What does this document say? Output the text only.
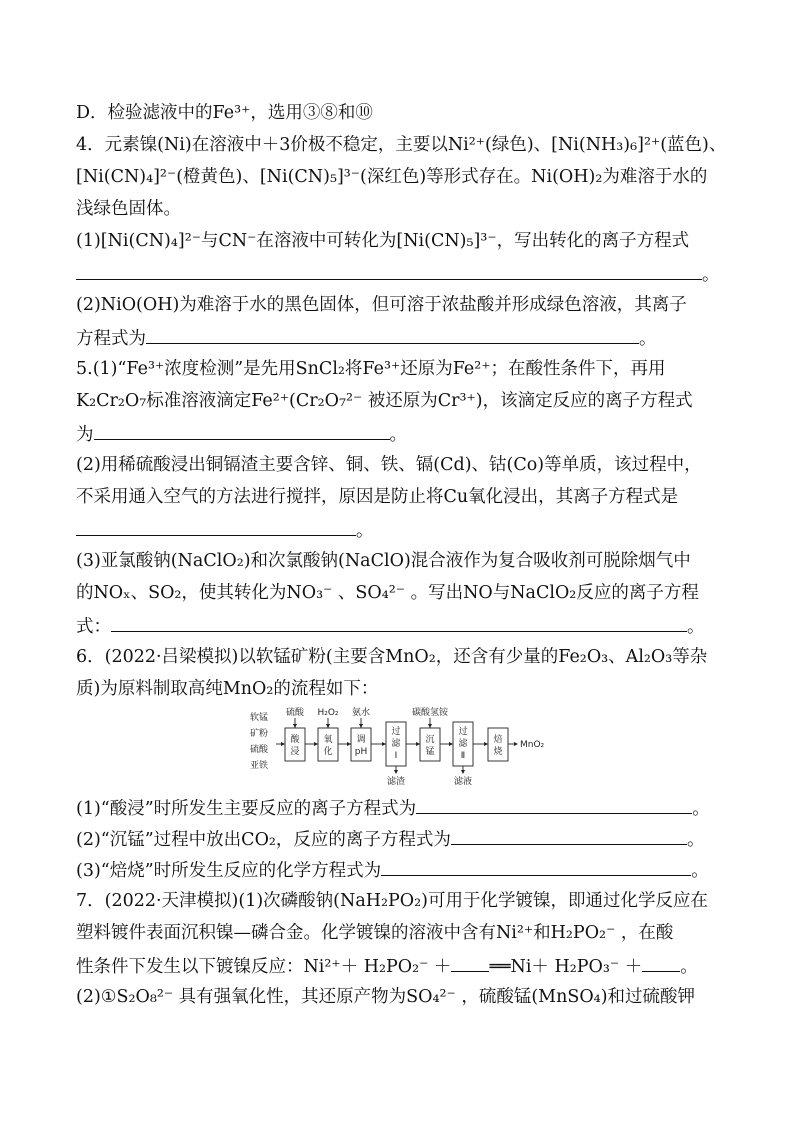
D．检验滤液中的Fe³⁺，选用③⑧和⑩
4．元素镍(Ni)在溶液中＋3价极不稳定，主要以Ni²⁺(绿色)、[Ni(NH₃)₆]²⁺(蓝色)、
[Ni(CN)₄]²⁻(橙黄色)、[Ni(CN)₅]³⁻(深红色)等形式存在。Ni(OH)₂为难溶于水的
浅绿色固体。
(1)[Ni(CN)₄]²⁻与CN⁻在溶液中可转化为[Ni(CN)₅]³⁻，写出转化的离子方程式
。
(2)NiO(OH)为难溶于水的黑色固体，但可溶于浓盐酸并形成绿色溶液，其离子
方程式为	。
5.(1)“Fe³⁺浓度检测”是先用SnCl₂将Fe³⁺还原为Fe²⁺；在酸性条件下，再用
K₂Cr₂O₇标准溶液滴定Fe²⁺(Cr₂O₇²⁻ 被还原为Cr³⁺)，该滴定反应的离子方程式
为	。
(2)用稀硫酸浸出铜镉渣主要含锌、铜、铁、镉(Cd)、钴(Co)等单质，该过程中，
不采用通入空气的方法进行搅拌，原因是防止将Cu氧化浸出，其离子方程式是
。
(3)亚氯酸钠(NaClO₂)和次氯酸钠(NaClO)混合液作为复合吸收剂可脱除烟气中
的NOₓ、SO₂，使其转化为NO₃⁻ 、SO₄²⁻ 。写出NO与NaClO₂反应的离子方程
式：	。
6．(2022·吕梁模拟)以软锰矿粉(主要含MnO₂，还含有少量的Fe₂O₃、Al₂O₃等杂
质)为原料制取高纯MnO₂的流程如下：
软锰
矿粉
硫酸
亚铁
硫酸 H₂O₂ 氨水	碳酸氢铵
酸
浸
氧
化
调
pH
过
滤
Ⅰ
沉
锰
过
滤
Ⅱ
焙
烧
滤渣	滤液
MnO₂
(1)“酸浸”时所发生主要反应的离子方程式为	。
(2)“沉锰”过程中放出CO₂，反应的离子方程式为	。
(3)“焙烧”时所发生反应的化学方程式为	。
7．(2022·天津模拟)(1)次磷酸钠(NaH₂PO₂)可用于化学镀镍，即通过化学反应在
塑料镀件表面沉积镍—磷合金。化学镀镍的溶液中含有Ni²⁺和H₂PO₂⁻ ，在酸
性条件下发生以下镀镍反应：Ni²⁺＋ H₂PO₂⁻ ＋ ══Ni＋ H₂PO₃⁻ ＋ 。
(2)①S₂O₈²⁻ 具有强氧化性，其还原产物为SO₄²⁻ ，硫酸锰(MnSO₄)和过硫酸钾
